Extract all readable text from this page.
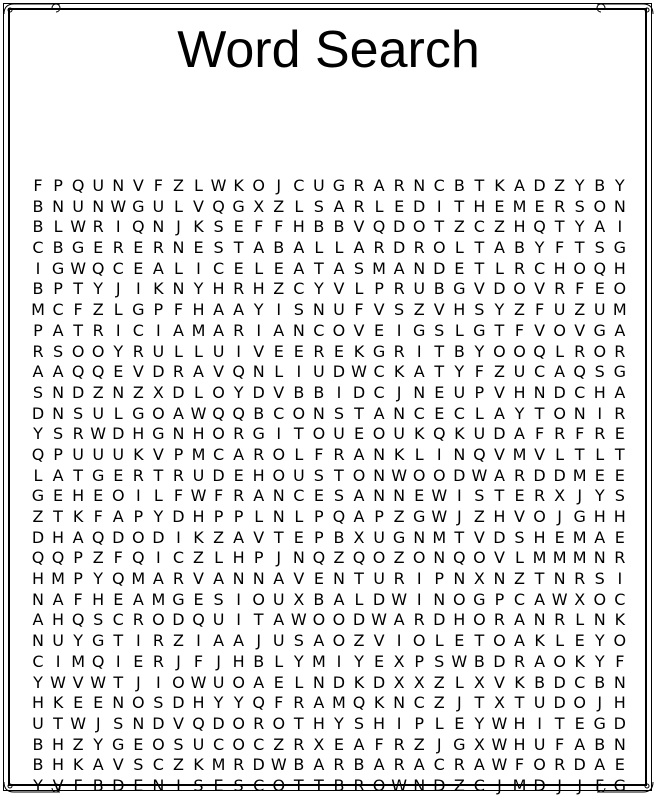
Word Search
F P Q U N V F Z L W K O J C U G R A R N C B T K A D Z Y B Y
B N U N W G U L V Q G X Z L S A R L E D I T H E M E R S O N
B L W R I Q N J K S E F F H B B V Q D O T Z C Z H Q T Y A I
C B G E R E R N E S T A B A L L A R D R O L T A B Y F T S G
I G W Q C E A L I C E L E A T A S M A N D E T L R C H O Q H
B P T Y J I K N Y H R H Z C Y V L P R U B G V D O V R F E O
M C F Z L G P F H A A Y I S N U F V S Z V H S Y Z F U Z U M
P A T R I C I A M A R I A N C O V E I G S L G T F V O V G A
R S O O Y R U L L U I V E E R E K G R I T B Y O O Q L R O R
A A Q Q E V D R A V Q N L I U D W C K A T Y F Z U C A Q S G
S N D Z N Z X D L O Y D V B B I D C J N E U P V H N D C H A
D N S U L G O A W Q Q B C O N S T A N C E C L A Y T O N I R
Y S R W D H G N H O R G I T O U E O U K Q K U D A F R F R E
Q P U U U K V P M C A R O L F R A N K L I N Q V M V L T L T
L A T G E R T R U D E H O U S T O N W O O D W A R D D M E E
G E H E O I L F W F R A N C E S A N N E W I S T E R X J Y S
Z T K F A P Y D H P P L N L P Q A P Z G W J Z H V O J G H H
D H A Q D O D I K Z A V T E P B X U G N M T V D S H E M A E
Q Q P Z F Q I C Z L H P J N Q Z Q O Z O N Q O V L M M M N R
H M P Y Q M A R V A N N A V E N T U R I P N X N Z T N R S I
N A F H E A M G E S I O U X B A L D W I N O G P C A W X O C
A H Q S C R O D Q U I T A W O O D W A R D H O R A N R L N K
N U Y G T I R Z I A A J U S A O Z V I O L E T O A K L E Y O
C I M Q I E R J F J H B L Y M I Y E X P S W B D R A O K Y F
Y W V W T J I O W U O A E L N D K D X X Z L X V K B D C B N
H K E E N O S D H Y Y Q F R A M Q K N C Z J T X T U D O J H
U T W J S N D V Q D O R O T H Y S H I P L E Y W H I T E G D
B H Z Y G E O S U C O C Z R X E A F R Z J G X W H U F A B N
B H K A V S C Z K M R D W B A R B A R A C R A W F O R D A E
Y V F B D E N I S E S C O T T B R O W N D Z C J M D J J F G
